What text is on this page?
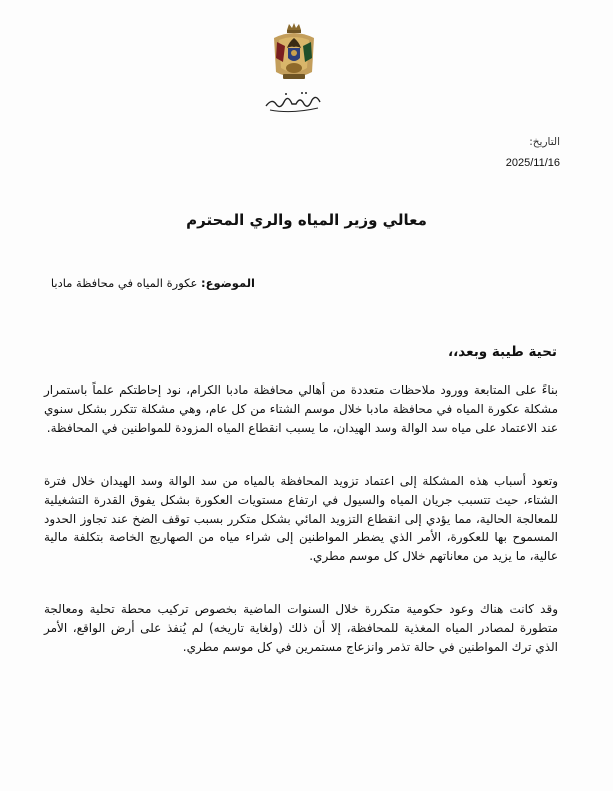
التاريخ:
2025/11/16
معالي وزير المياه والري المحترم
الموضوع: عكورة المياه في محافظة مادبا
تحية طيبة وبعد،،
بناءً على المتابعة وورود ملاحظات متعددة من أهالي محافظة مادبا الكرام، نود إحاطتكم علماً باستمرار مشكلة عكورة المياه في محافظة مادبا خلال موسم الشتاء من كل عام، وهي مشكلة تتكرر بشكل سنوي عند الاعتماد على مياه سد الوالة وسد الهيدان، ما يسبب انقطاع المياه المزودة للمواطنين في المحافظة.
وتعود أسباب هذه المشكلة إلى اعتماد تزويد المحافظة بالمياه من سد الوالة وسد الهيدان خلال فترة الشتاء، حيث تتسبب جريان المياه والسيول في ارتفاع مستويات العكورة بشكل يفوق القدرة التشغيلية للمعالجة الحالية، مما يؤدي إلى انقطاع التزويد المائي بشكل متكرر بسبب توقف الضخ عند تجاوز الحدود المسموح بها للعكورة، الأمر الذي يضطر المواطنين إلى شراء مياه من الصهاريج الخاصة بتكلفة مالية عالية، ما يزيد من معاناتهم خلال كل موسم مطري.
وقد كانت هناك وعود حكومية متكررة خلال السنوات الماضية بخصوص تركيب محطة تحلية ومعالجة متطورة لمصادر المياه المغذية للمحافظة، إلا أن ذلك (ولغاية تاريخه) لم يُنفذ على أرض الواقع، الأمر الذي ترك المواطنين في حالة تذمر وانزعاج مستمرين في كل موسم مطري.
